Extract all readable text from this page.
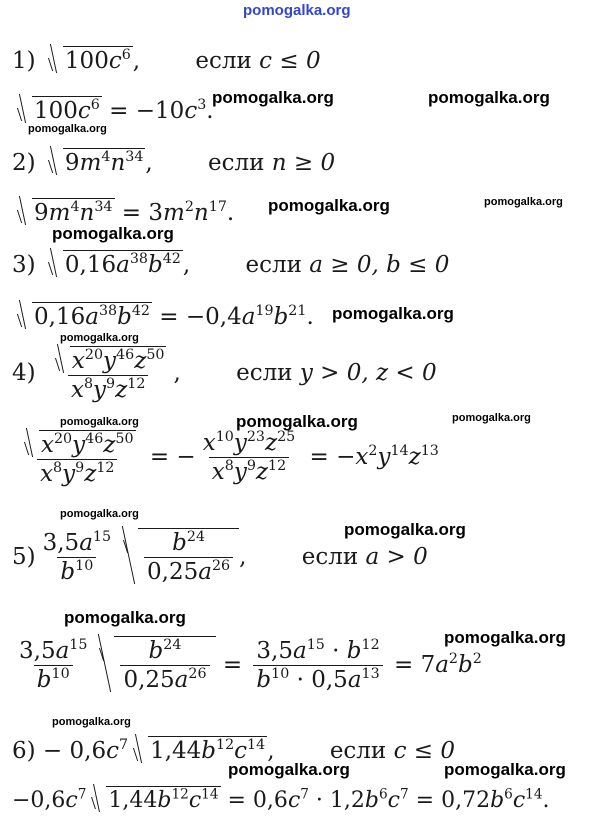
pomogalka.org
1) $100c^6$, если c ≤ 0
$100c^6 = -10c^3$.
pomogalka.org	pomogalka.org
pomogalka.org
2) $9m^4n^{34}$, если n ≥ 0
$9m^4n^{34} = 3m^2n^{17}$. pomogalka.org	pomogalka.org
pomogalka.org
3) $0,16a^{38}b^{42}$, если a ≥ 0, b ≤ 0
$0,16a^{38}b^{42} = -0,4a^{19}b^{21}$. pomogalka.org
pomogalka.org
$4) \frac{x^{20}y^{46}z^{50}}{x^8y^9z^{12}}$ , если y > 0, z < 0
pomogalka.org	pomogalka.org
pomogalka.org
$\frac{x^{20}y^{46}z^{50}}{x^8y^9z^{12}}$ = − $\frac{x^{10}y^{23}z^{25}}{x^8y^9z^{12}} = -x^2y^{14}z^{13}$
pomogalka.org
pomogalka.org
$5) \frac{3,5a^{15}}{b^{10}} \frac{b^{24}}{0,25a^{26}}$ , если a > 0
pomogalka.org
pomogalka.org
$\frac{3,5a^{15}}{b^{10}} \frac{b^{24}}{0,25a^{26}} = \frac{3,5a^{15} \cdot b^{12}}{b^{10} \cdot 0,5a^{13}} = 7a^2b^2$
pomogalka.org
$6) - 0,6c^7$ $1,44b^{12}c^{14}$, если c ≤ 0
pomogalka.org	pomogalka.org
$-0,6c^7$ $1,44b^{12}c^{14} = 0,6c^7 \cdot 1,2b^6c^7 = 0,72b^6c^{14}$.
